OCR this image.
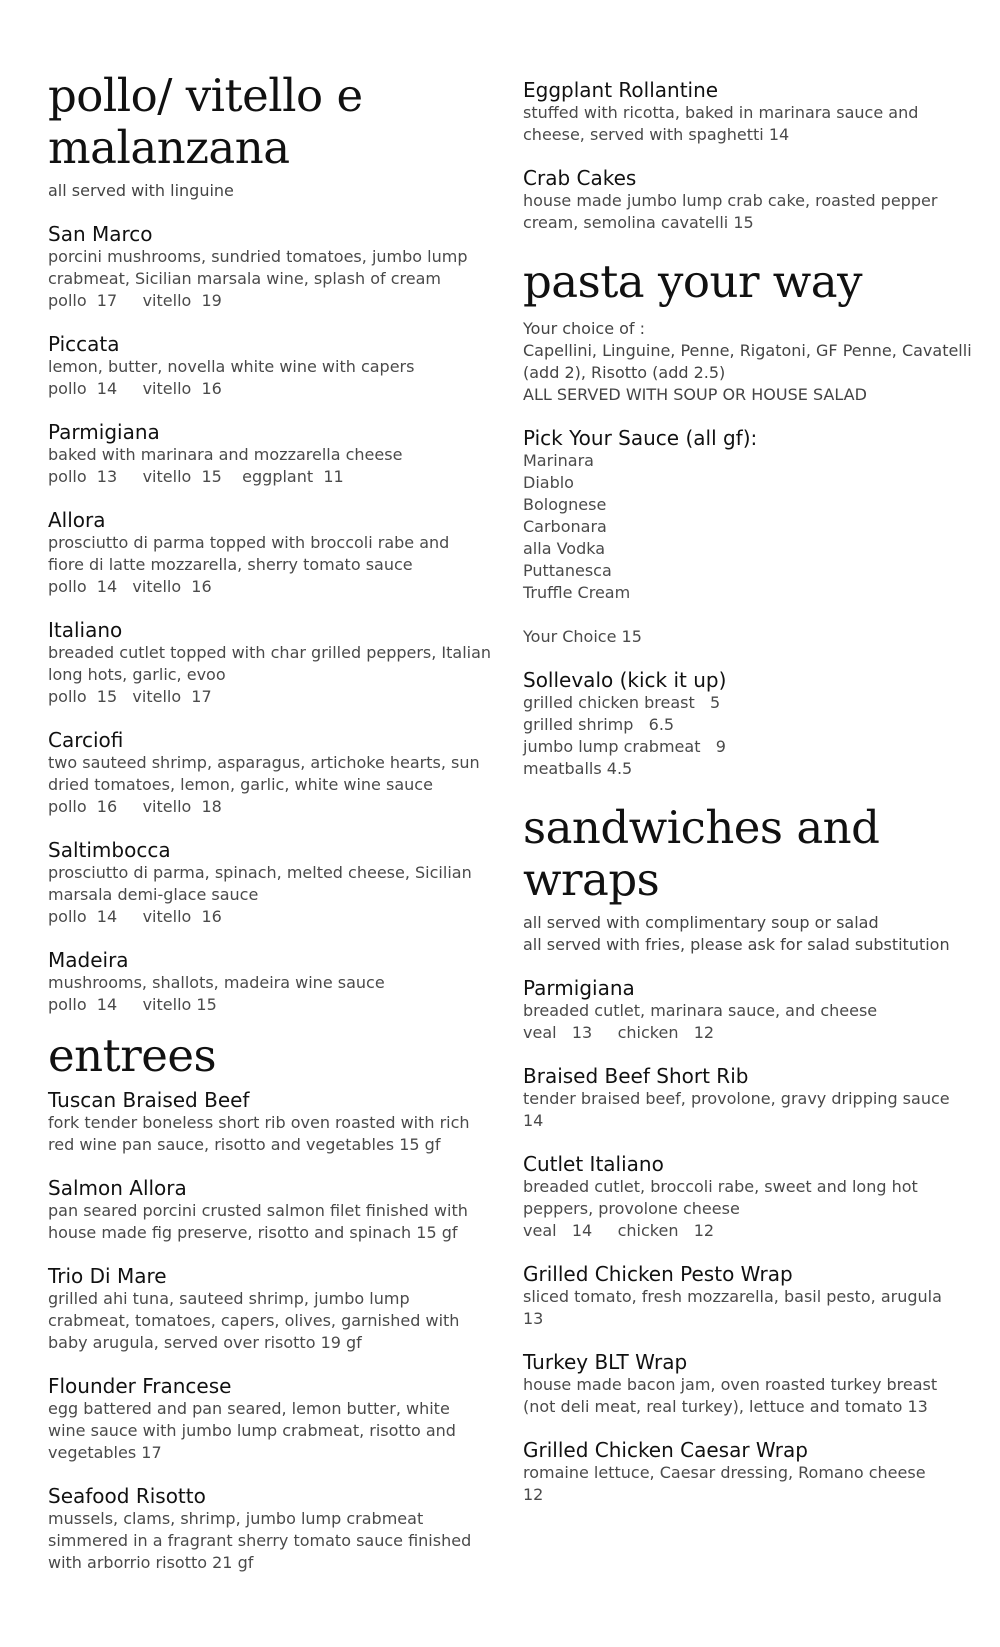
pollo/ vitello e
malanzana
all served with linguine
San Marco
porcini mushrooms, sundried tomatoes, jumbo lump
crabmeat, Sicilian marsala wine, splash of cream
pollo  17     vitello  19
Piccata
lemon, butter, novella white wine with capers
pollo  14     vitello  16
Parmigiana
baked with marinara and mozzarella cheese
pollo  13     vitello  15    eggplant  11
Allora
prosciutto di parma topped with broccoli rabe and
fiore di latte mozzarella, sherry tomato sauce
pollo  14   vitello  16
Italiano
breaded cutlet topped with char grilled peppers, Italian
long hots, garlic, evoo
pollo  15   vitello  17
Carciofi
two sauteed shrimp, asparagus, artichoke hearts, sun
dried tomatoes, lemon, garlic, white wine sauce
pollo  16     vitello  18
Saltimbocca
prosciutto di parma, spinach, melted cheese, Sicilian
marsala demi-glace sauce
pollo  14     vitello  16
Madeira
mushrooms, shallots, madeira wine sauce
pollo  14     vitello 15
entrees
Tuscan Braised Beef
fork tender boneless short rib oven roasted with rich
red wine pan sauce, risotto and vegetables 15 gf
Salmon Allora
pan seared porcini crusted salmon filet finished with
house made fig preserve, risotto and spinach 15 gf
Trio Di Mare
grilled ahi tuna, sauteed shrimp, jumbo lump
crabmeat, tomatoes, capers, olives, garnished with
baby arugula, served over risotto 19 gf
Flounder Francese
egg battered and pan seared, lemon butter, white
wine sauce with jumbo lump crabmeat, risotto and
vegetables 17
Seafood Risotto
mussels, clams, shrimp, jumbo lump crabmeat
simmered in a fragrant sherry tomato sauce finished
with arborrio risotto 21 gf
Eggplant Rollantine
stuffed with ricotta, baked in marinara sauce and
cheese, served with spaghetti 14
Crab Cakes
house made jumbo lump crab cake, roasted pepper
cream, semolina cavatelli 15
pasta your way
Your choice of :
Capellini, Linguine, Penne, Rigatoni, GF Penne, Cavatelli
(add 2), Risotto (add 2.5)
ALL SERVED WITH SOUP OR HOUSE SALAD
Pick Your Sauce (all gf):
Marinara
Diablo
Bolognese
Carbonara
alla Vodka
Puttanesca
Truffle Cream
Your Choice 15
Sollevalo (kick it up)
grilled chicken breast   5
grilled shrimp   6.5
jumbo lump crabmeat   9
meatballs 4.5
sandwiches and
wraps
all served with complimentary soup or salad
all served with fries, please ask for salad substitution
Parmigiana
breaded cutlet, marinara sauce, and cheese
veal   13     chicken   12
Braised Beef Short Rib
tender braised beef, provolone, gravy dripping sauce
14
Cutlet Italiano
breaded cutlet, broccoli rabe, sweet and long hot
peppers, provolone cheese
veal   14     chicken   12
Grilled Chicken Pesto Wrap
sliced tomato, fresh mozzarella, basil pesto, arugula
13
Turkey BLT Wrap
house made bacon jam, oven roasted turkey breast
(not deli meat, real turkey), lettuce and tomato 13
Grilled Chicken Caesar Wrap
romaine lettuce, Caesar dressing, Romano cheese
12
